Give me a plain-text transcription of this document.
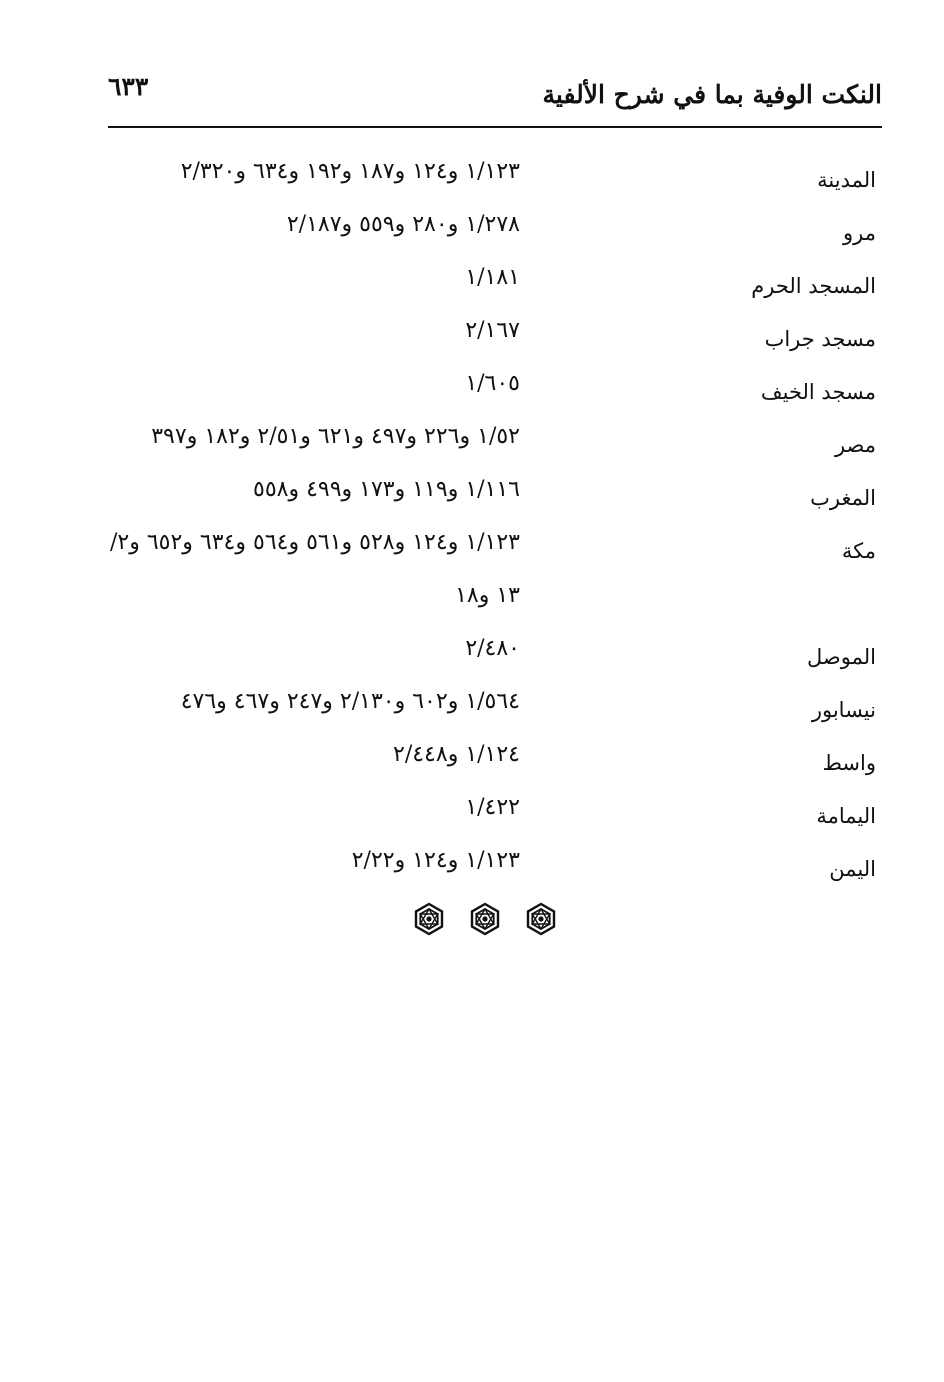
النكت الوفية بما في شرح الألفية
٦٣٣
المدينة
١/١٢٣ و١٢٤ و١٨٧ و١٩٢ و٦٣٤ و٢/٣٢٠
مرو
١/٢٧٨ و٢٨٠ و٥٥٩ و٢/١٨٧
المسجد الحرم
١/١٨١
مسجد جراب
٢/١٦٧
مسجد الخيف
١/٦٠٥
مصر
١/٥٢ و٢٢٦ و٤٩٧ و٦٢١ و٢/٥١ و١٨٢ و٣٩٧
المغرب
١/١١٦ و١١٩ و١٧٣ و٤٩٩ و٥٥٨
مكة
١/١٢٣ و١٢٤ و٥٢٨ و٥٦١ و٥٦٤ و٦٣٤ و٦٥٢ و٢/
١٣ و١٨
الموصل
٢/٤٨٠
نيسابور
١/٥٦٤ و٦٠٢ و٢/١٣٠ و٢٤٧ و٤٦٧ و٤٧٦
واسط
١/١٢٤ و٢/٤٤٨
اليمامة
١/٤٢٢
اليمن
١/١٢٣ و١٢٤ و٢/٢٢
